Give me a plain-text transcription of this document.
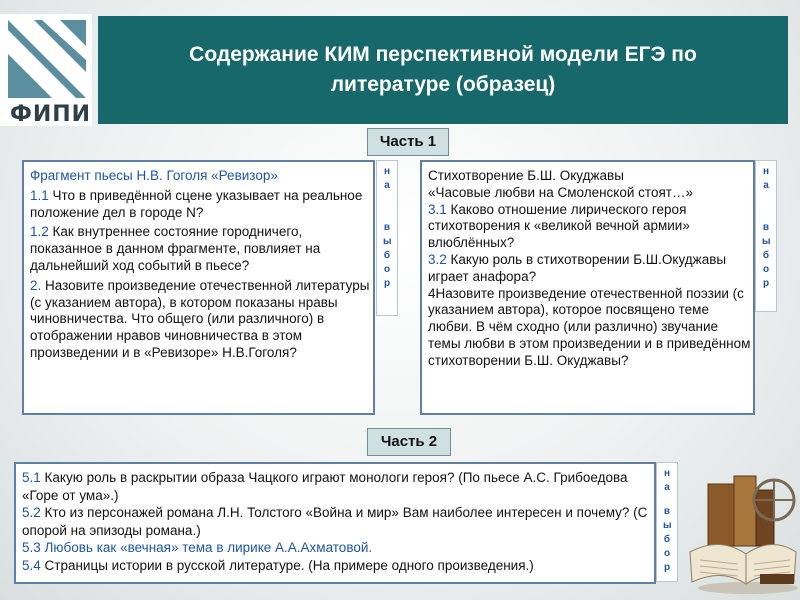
ФИПИ
Содержание КИМ перспективной модели ЕГЭ по литературе (образец)
Часть 1
Фрагмент пьесы Н.В. Гоголя «Ревизор»
1.1 Что в приведённой сцене указывает на реальное положение дел в городе N?
1.2 Как внутреннее состояние городничего, показанное в данном фрагменте, повлияет на дальнейший ход событий в пьесе?
2. Назовите произведение отечественной литературы (с указанием автора), в котором показаны нравы чиновничества. Что общего (или различного) в отображении нравов чиновничества в этом произведении и в «Ревизоре» Н.В.Гоголя?
н а
в ы б о р
Стихотворение Б.Ш. Окуджавы
«Часовые любви на Смоленской стоят…»
3.1 Каково отношение лирического героя стихотворения к «великой вечной армии» влюблённых?
3.2 Какую роль в стихотворении Б.Ш.Окуджавы играет анафора?
4Назовите произведение отечественной поэзии (с указанием автора), которое посвящено теме любви. В чём сходно (или различно) звучание темы любви в этом произведении и в приведённом стихотворении Б.Ш. Окуджавы?
н а
в ы б о р
Часть 2
5.1 Какую роль в раскрытии образа Чацкого играют монологи героя? (По пьесе А.С. Грибоедова «Горе от ума».)
5.2 Кто из персонажей романа Л.Н. Толстого «Война и мир» Вам наиболее интересен и почему? (С опорой на эпизоды романа.)
5.3 Любовь как «вечная» тема в лирике А.А.Ахматовой.
5.4 Страницы истории в русской литературе. (На примере одного произведения.)
н а
в ы б о р
